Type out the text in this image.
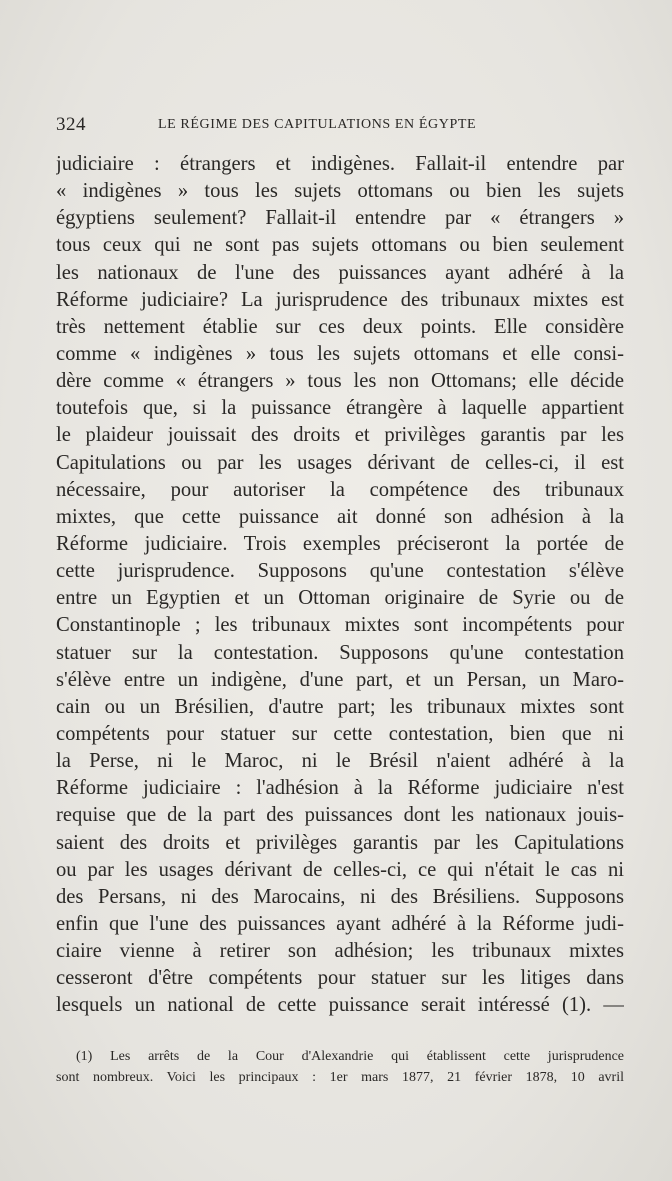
324	LE RÉGIME DES CAPITULATIONS EN ÉGYPTE
judiciaire : étrangers et indigènes. Fallait-il entendre par
« indigènes » tous les sujets ottomans ou bien les sujets
égyptiens seulement? Fallait-il entendre par « étrangers »
tous ceux qui ne sont pas sujets ottomans ou bien seulement
les nationaux de l'une des puissances ayant adhéré à la
Réforme judiciaire? La jurisprudence des tribunaux mixtes est
très nettement établie sur ces deux points. Elle considère
comme « indigènes » tous les sujets ottomans et elle consi-
dère comme « étrangers » tous les non Ottomans; elle décide
toutefois que, si la puissance étrangère à laquelle appartient
le plaideur jouissait des droits et privilèges garantis par les
Capitulations ou par les usages dérivant de celles-ci, il est
nécessaire, pour autoriser la compétence des tribunaux
mixtes, que cette puissance ait donné son adhésion à la
Réforme judiciaire. Trois exemples préciseront la portée de
cette jurisprudence. Supposons qu'une contestation s'élève
entre un Egyptien et un Ottoman originaire de Syrie ou de
Constantinople ; les tribunaux mixtes sont incompétents pour
statuer sur la contestation. Supposons qu'une contestation
s'élève entre un indigène, d'une part, et un Persan, un Maro-
cain ou un Brésilien, d'autre part; les tribunaux mixtes sont
compétents pour statuer sur cette contestation, bien que ni
la Perse, ni le Maroc, ni le Brésil n'aient adhéré à la
Réforme judiciaire : l'adhésion à la Réforme judiciaire n'est
requise que de la part des puissances dont les nationaux jouis-
saient des droits et privilèges garantis par les Capitulations
ou par les usages dérivant de celles-ci, ce qui n'était le cas ni
des Persans, ni des Marocains, ni des Brésiliens. Supposons
enfin que l'une des puissances ayant adhéré à la Réforme judi-
ciaire vienne à retirer son adhésion; les tribunaux mixtes
cesseront d'être compétents pour statuer sur les litiges dans
lesquels un national de cette puissance serait intéressé (1). —
(1) Les arrêts de la Cour d'Alexandrie qui établissent cette jurisprudence
sont nombreux. Voici les principaux : 1er mars 1877, 21 février 1878, 10 avril
